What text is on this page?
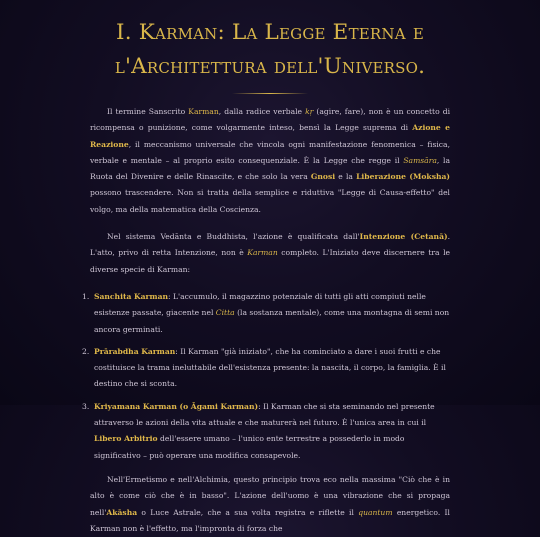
I. Karman: La Legge Eterna e
l'Architettura dell'Universo.

Il termine Sanscrito Karman, dalla radice verbale kṛ (agire, fare), non è un concetto di ricompensa o punizione, come volgarmente inteso, bensì la Legge suprema di Azione e Reazione, il meccanismo universale che vincola ogni manifestazione fenomenica – fisica, verbale e mentale – al proprio esito consequenziale. È la Legge che regge il Samsāra, la Ruota del Divenire e delle Rinascite, e che solo la vera Gnosi e la Liberazione (Moksha) possono trascendere. Non si tratta della semplice e riduttiva "Legge di Causa-effetto" del volgo, ma della matematica della Coscienza.

Nel sistema Vedānta e Buddhista, l'azione è qualificata dall'Intenzione (Cetanā). L'atto, privo di retta Intenzione, non è Karman completo. L'Iniziato deve discernere tra le diverse specie di Karman:

1. Sanchita Karman: L'accumulo, il magazzino potenziale di tutti gli atti compiuti nelle esistenze passate, giacente nel Citta (la sostanza mentale), come una montagna di semi non ancora germinati.
2. Prārabdha Karman: Il Karman "già iniziato", che ha cominciato a dare i suoi frutti e che costituisce la trama ineluttabile dell'esistenza presente: la nascita, il corpo, la famiglia. È il destino che si sconta.
3. Kriyamana Karman (o Āgami Karman): Il Karman che si sta seminando nel presente attraverso le azioni della vita attuale e che maturerà nel futuro. È l'unica area in cui il Libero Arbitrio dell'essere umano – l'unico ente terrestre a possederlo in modo significativo – può operare una modifica consapevole.

Nell'Ermetismo e nell'Alchimia, questo principio trova eco nella massima "Ciò che è in alto è come ciò che è in basso". L'azione dell'uomo è una vibrazione che si propaga nell'Akāsha o Luce Astrale, che a sua volta registra e riflette il quantum energetico. Il Karman non è l'effetto, ma l'impronta di forza che
